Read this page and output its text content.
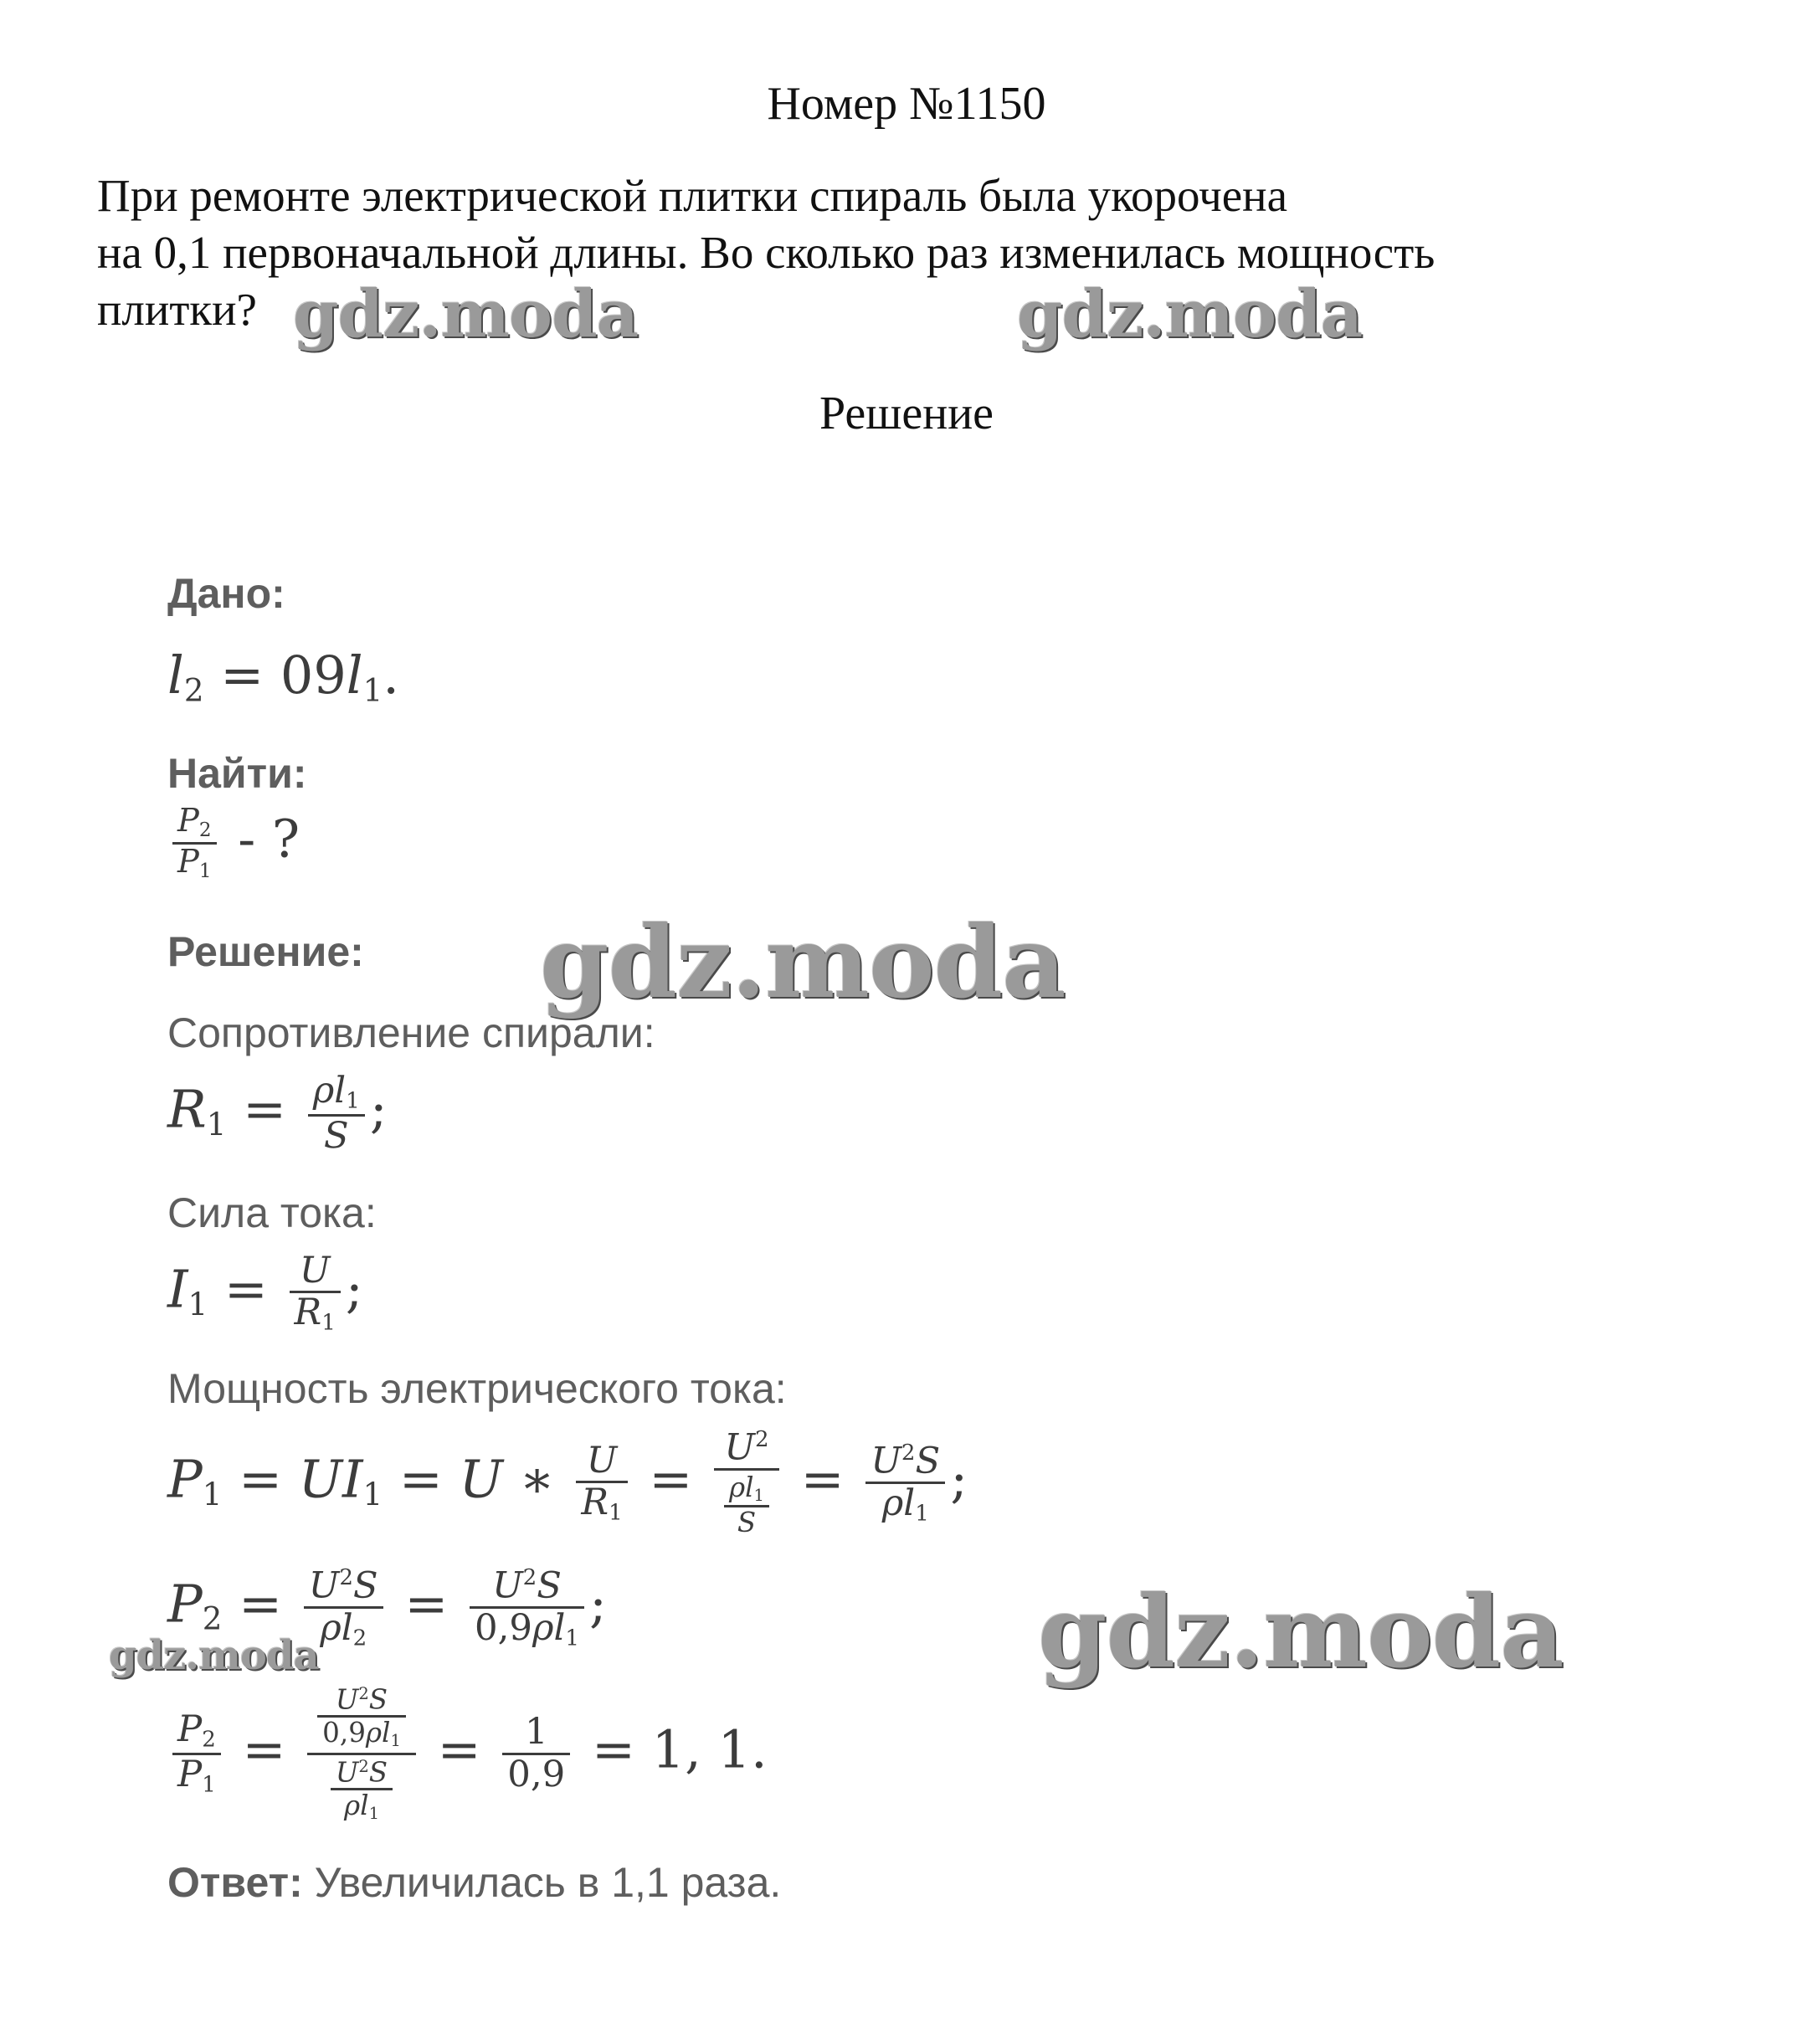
Номер №1150
При ремонте электрической плитки спираль была укорочена
на 0,1 первоначальной длины. Во сколько раз изменилась мощность
плитки?
Решение
Дано:
$l_2 = 09l_1$.
Найти:
$\frac{P_2}{P_1}$ - ?
Решение:
Сопротивление спирали:
$R_1 = \frac{\rho l_1}{S}$ ;
Сила тока:
$I_1 = \frac{U}{R_1}$ ;
Мощность электрического тока:
$P_1 = UI_1 = U$ ∗ $\frac{U}{R_1} = \frac{U^2}{\frac{\rho l_1}{S}} = \frac{U^2S}{\rho l_1}$ ;
$P_2 = \frac{U^2S}{\rho l_2} = \frac{U^2S}{0,9\rho l_1}$ ;
$\frac{P_2}{P_1} = \frac{\frac{U^2S}{0,9\rho l_1}}{\frac{U^2S}{\rho l_1}} = \frac{1}{0,9} = 1$, 1.
Ответ: Увеличилась в 1,1 раза.
gdz.moda	gdz.moda
gdz.moda
gdz.moda
gdz.moda
